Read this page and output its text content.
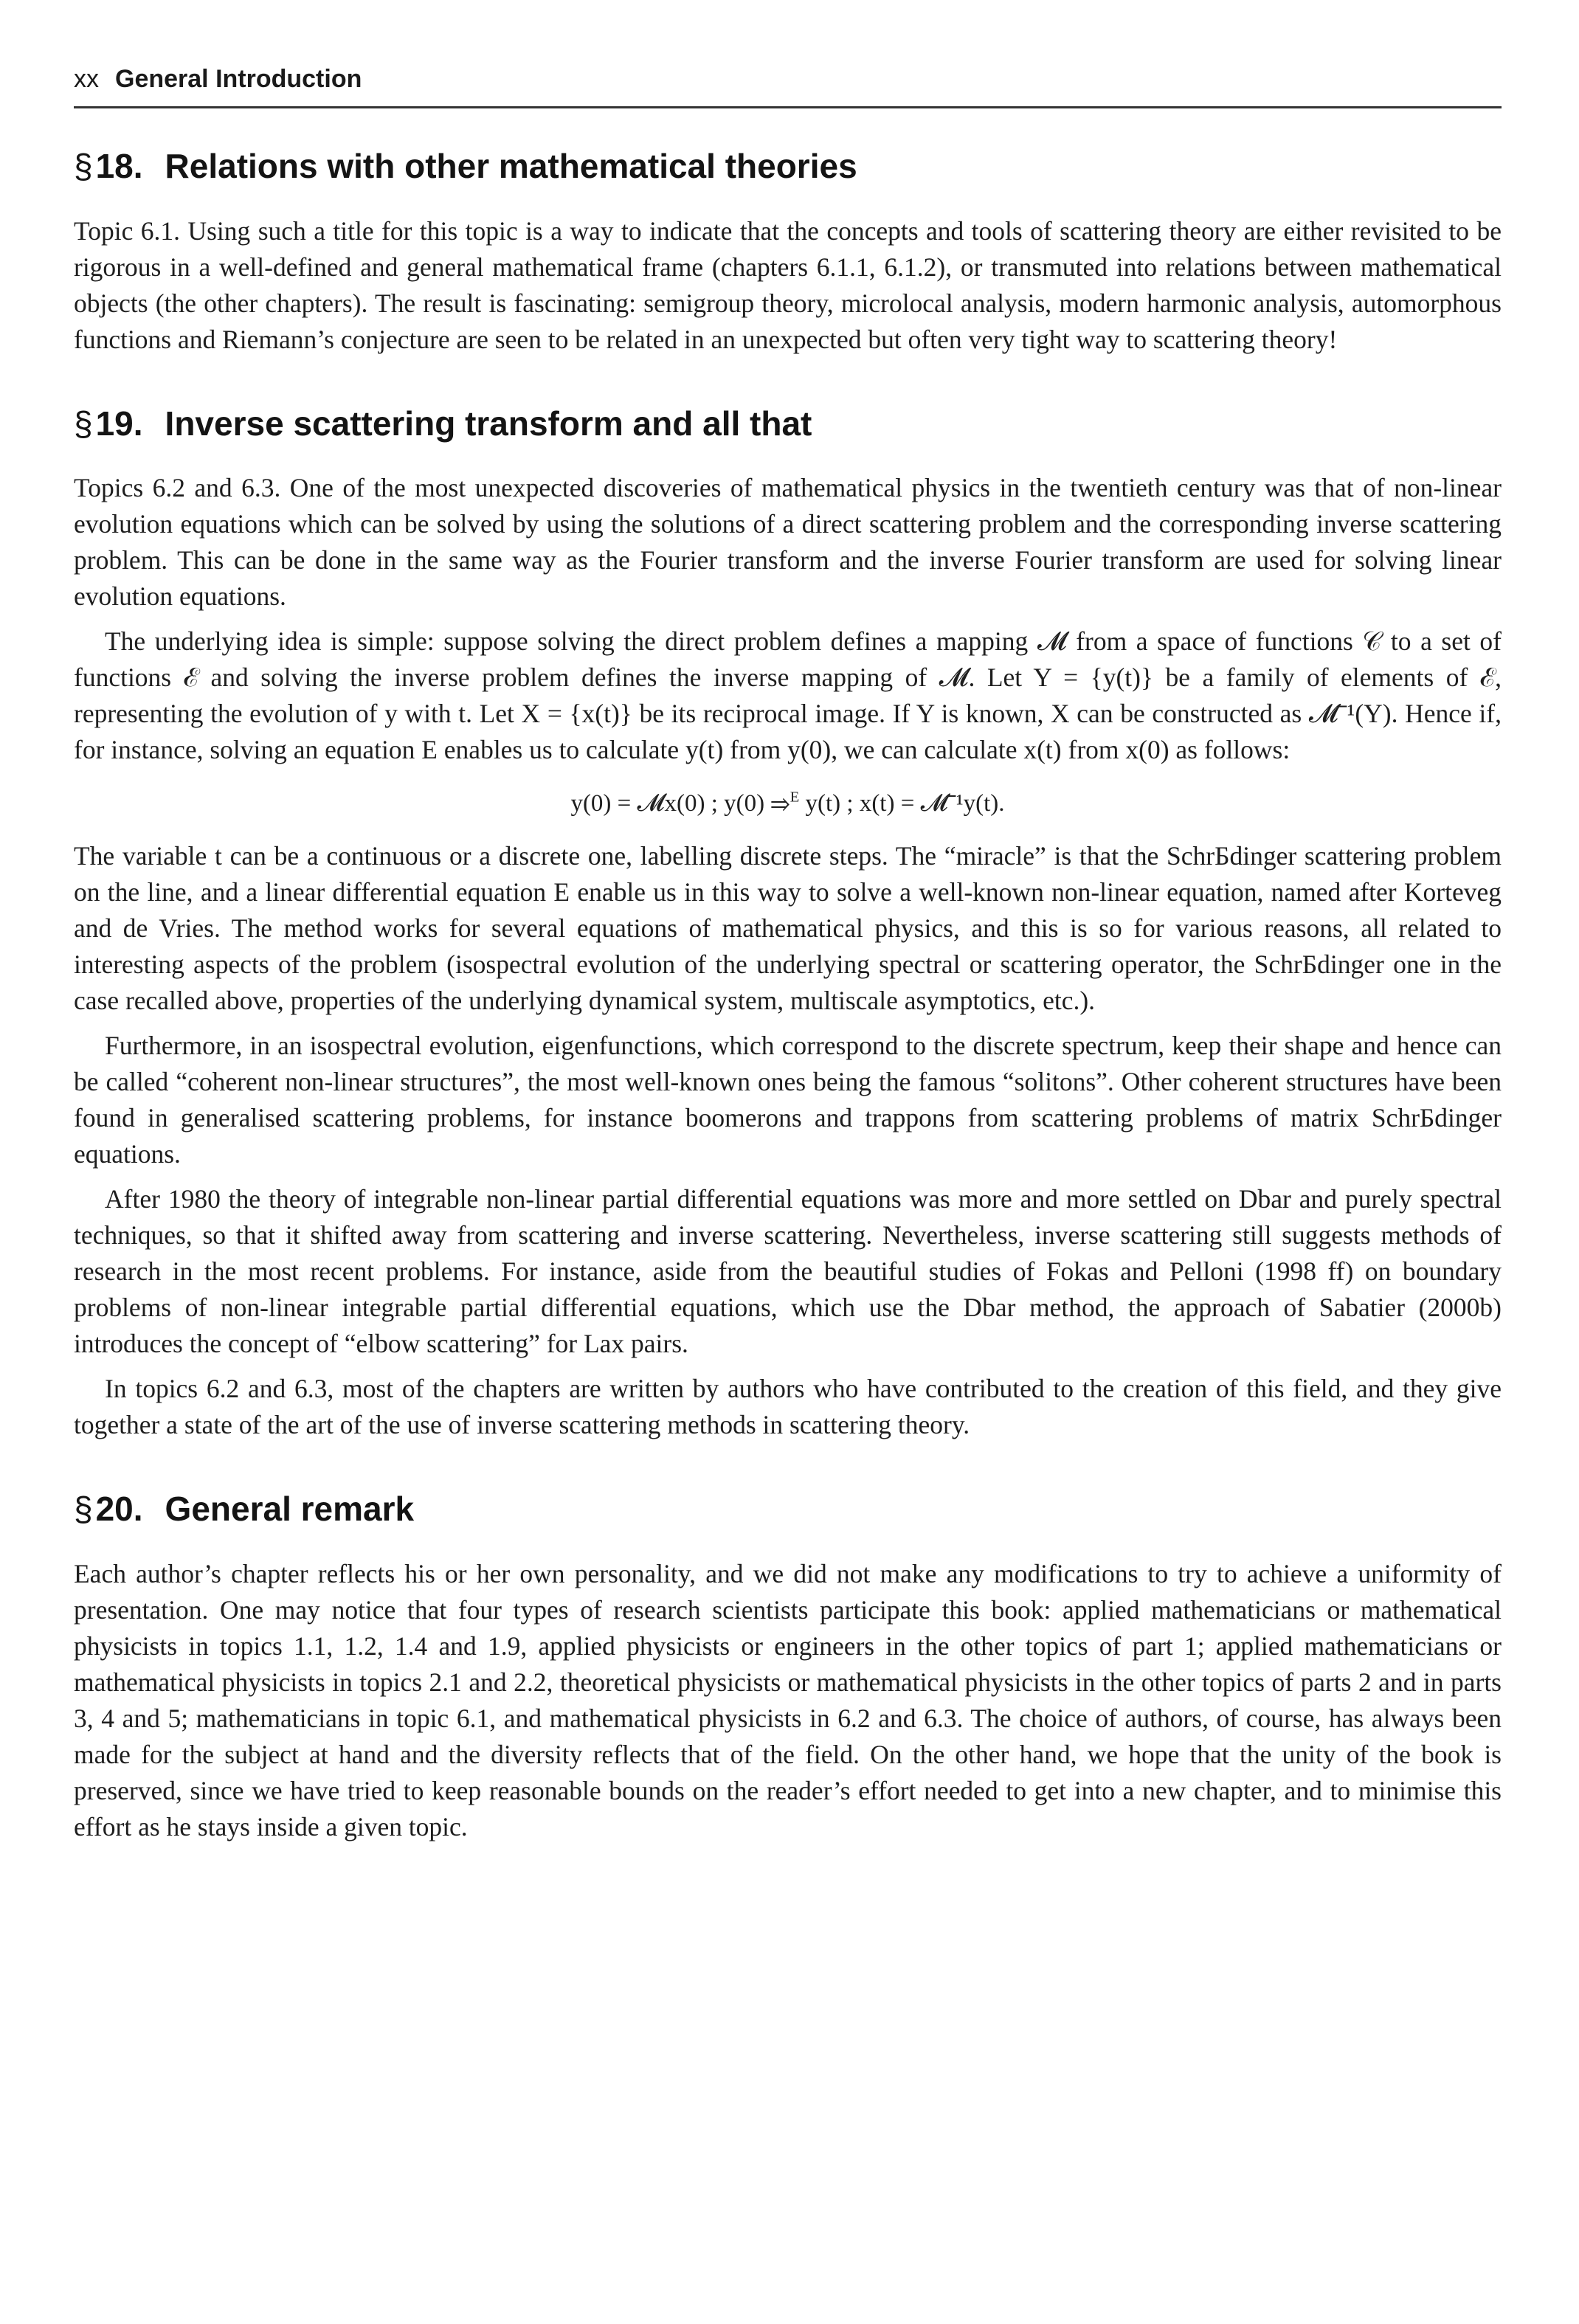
xx General Introduction
§18. Relations with other mathematical theories

Topic 6.1. Using such a title for this topic is a way to indicate that the concepts and tools of scattering theory are either revisited to be rigorous in a well-defined and general mathematical frame (chapters 6.1.1, 6.1.2), or transmuted into relations between mathematical objects (the other chapters). The result is fascinating: semigroup theory, microlocal analysis, modern harmonic analysis, automorphous functions and Riemann’s conjecture are seen to be related in an unexpected but often very tight way to scattering theory!

§19. Inverse scattering transform and all that

Topics 6.2 and 6.3. One of the most unexpected discoveries of mathematical physics in the twentieth century was that of non-linear evolution equations which can be solved by using the solutions of a direct scattering problem and the corresponding inverse scattering problem. This can be done in the same way as the Fourier transform and the inverse Fourier transform are used for solving linear evolution equations.

The underlying idea is simple: suppose solving the direct problem defines a mapping 𝓜 from a space of functions 𝒞 to a set of functions ℰ and solving the inverse problem defines the inverse mapping of 𝓜. Let Y = {y(t)} be a family of elements of ℰ, representing the evolution of y with t. Let X = {x(t)} be its reciprocal image. If Y is known, X can be constructed as 𝓜⁻¹(Y). Hence if, for instance, solving an equation E enables us to calculate y(t) from y(0), we can calculate x(t) from x(0) as follows:

y(0) = 𝓜x(0) ; y(0) ⇒$^E$ y(t) ; x(t) = 𝓜⁻¹y(t).

The variable t can be a continuous or a discrete one, labelling discrete steps. The “miracle” is that the SchrБdinger scattering problem on the line, and a linear differential equation E enable us in this way to solve a well-known non-linear equation, named after Korteveg and de Vries. The method works for several equations of mathematical physics, and this is so for various reasons, all related to interesting aspects of the problem (isospectral evolution of the underlying spectral or scattering operator, the SchrБdinger one in the case recalled above, properties of the underlying dynamical system, multiscale asymptotics, etc.).

Furthermore, in an isospectral evolution, eigenfunctions, which correspond to the discrete spectrum, keep their shape and hence can be called “coherent non-linear structures”, the most well-known ones being the famous “solitons”. Other coherent structures have been found in generalised scattering problems, for instance boomerons and trappons from scattering problems of matrix SchrБdinger equations.

After 1980 the theory of integrable non-linear partial differential equations was more and more settled on Dbar and purely spectral techniques, so that it shifted away from scattering and inverse scattering. Nevertheless, inverse scattering still suggests methods of research in the most recent problems. For instance, aside from the beautiful studies of Fokas and Pelloni (1998 ff) on boundary problems of non-linear integrable partial differential equations, which use the Dbar method, the approach of Sabatier (2000b) introduces the concept of “elbow scattering” for Lax pairs.

In topics 6.2 and 6.3, most of the chapters are written by authors who have contributed to the creation of this field, and they give together a state of the art of the use of inverse scattering methods in scattering theory.

§20. General remark

Each author’s chapter reflects his or her own personality, and we did not make any modifications to try to achieve a uniformity of presentation. One may notice that four types of research scientists participate this book: applied mathematicians or mathematical physicists in topics 1.1, 1.2, 1.4 and 1.9, applied physicists or engineers in the other topics of part 1; applied mathematicians or mathematical physicists in topics 2.1 and 2.2, theoretical physicists or mathematical physicists in the other topics of parts 2 and in parts 3, 4 and 5; mathematicians in topic 6.1, and mathematical physicists in 6.2 and 6.3. The choice of authors, of course, has always been made for the subject at hand and the diversity reflects that of the field. On the other hand, we hope that the unity of the book is preserved, since we have tried to keep reasonable bounds on the reader’s effort needed to get into a new chapter, and to minimise this effort as he stays inside a given topic.
